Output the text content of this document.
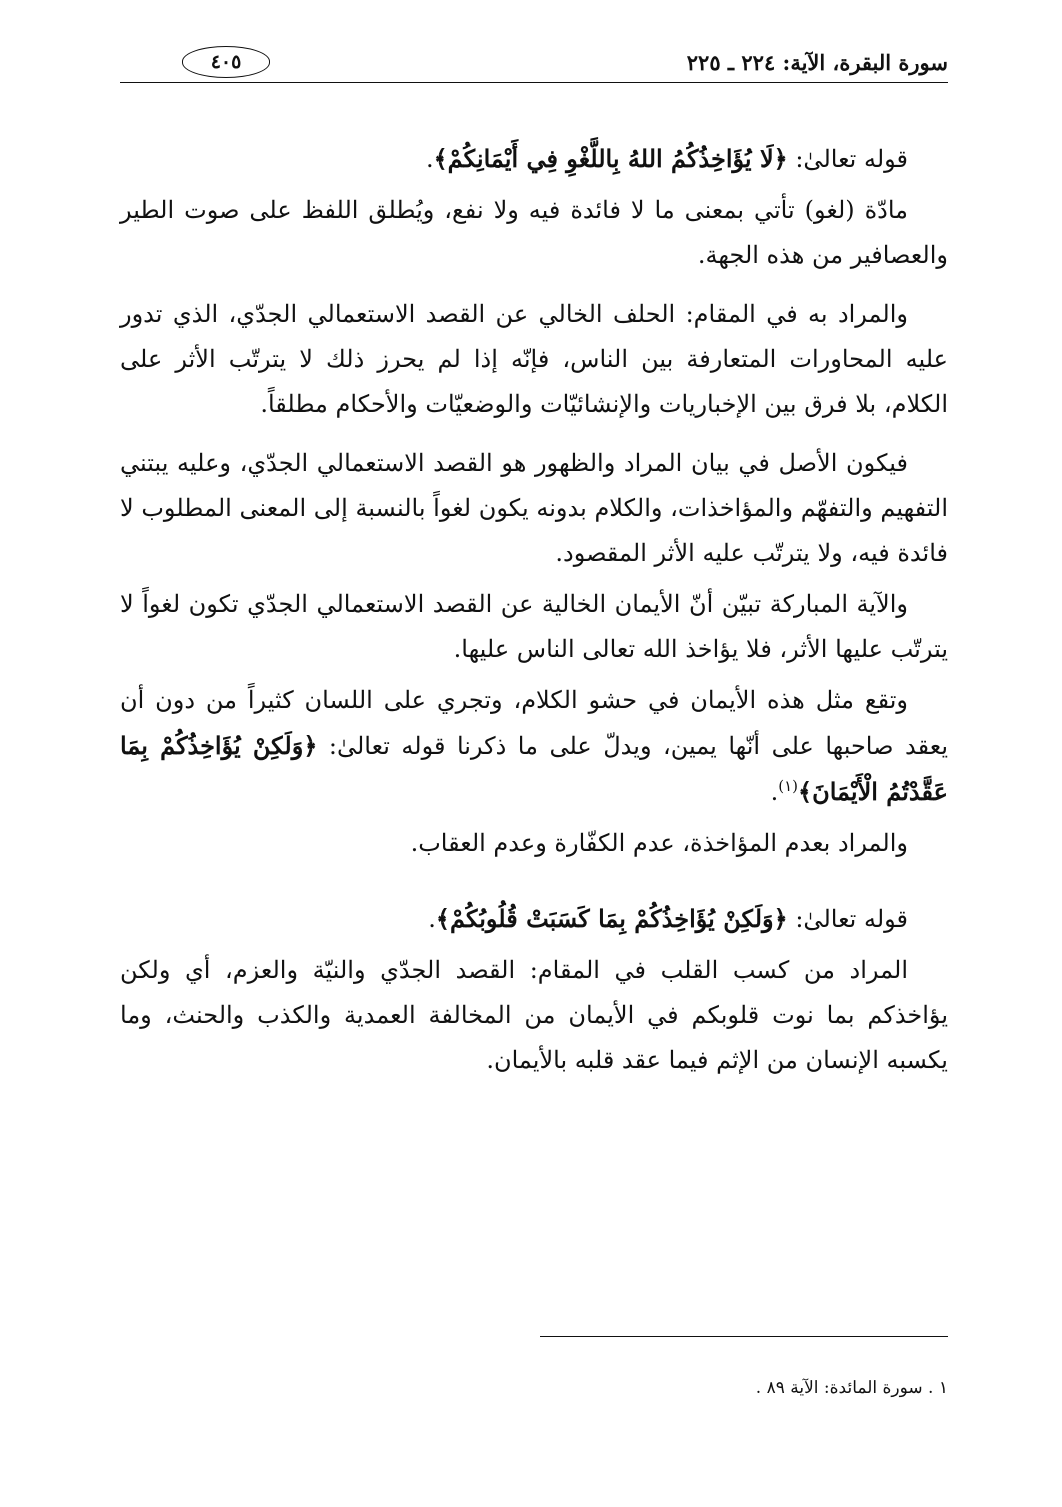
سورة البقرة، الآية: ٢٢٤ ـ ٢٢٥
٤٠٥

قوله تعالىٰ: ﴿لَا يُؤَاخِذُكُمُ اللهُ بِاللَّغْوِ فِي أَيْمَانِكُمْ﴾.

مادّة (لغو) تأتي بمعنى ما لا فائدة فيه ولا نفع، ويُطلق اللفظ على صوت الطير والعصافير من هذه الجهة.

والمراد به في المقام: الحلف الخالي عن القصد الاستعمالي الجدّي، الذي تدور عليه المحاورات المتعارفة بين الناس، فإنّه إذا لم يحرز ذلك لا يترتّب الأثر على الكلام، بلا فرق بين الإخباريات والإنشائيّات والوضعيّات والأحكام مطلقاً.

فيكون الأصل في بيان المراد والظهور هو القصد الاستعمالي الجدّي، وعليه يبتني التفهيم والتفهّم والمؤاخذات، والكلام بدونه يكون لغواً بالنسبة إلى المعنى المطلوب لا فائدة فيه، ولا يترتّب عليه الأثر المقصود.

والآية المباركة تبيّن أنّ الأيمان الخالية عن القصد الاستعمالي الجدّي تكون لغواً لا يترتّب عليها الأثر، فلا يؤاخذ الله تعالى الناس عليها.

وتقع مثل هذه الأيمان في حشو الكلام، وتجري على اللسان كثيراً من دون أن يعقد صاحبها على أنّها يمين، ويدلّ على ما ذكرنا قوله تعالىٰ: ﴿وَلَكِنْ يُؤَاخِذُكُمْ بِمَا عَقَّدْتُمُ الْأَيْمَانَ﴾$^{(١)}$.

والمراد بعدم المؤاخذة، عدم الكفّارة وعدم العقاب.

قوله تعالىٰ: ﴿وَلَكِنْ يُؤَاخِذُكُمْ بِمَا كَسَبَتْ قُلُوبُكُمْ﴾.

المراد من كسب القلب في المقام: القصد الجدّي والنيّة والعزم، أي ولكن يؤاخذكم بما نوت قلوبكم في الأيمان من المخالفة العمدية والكذب والحنث، وما يكسبه الإنسان من الإثم فيما عقد قلبه بالأيمان.

١ . سورة المائدة: الآية ٨٩ .
